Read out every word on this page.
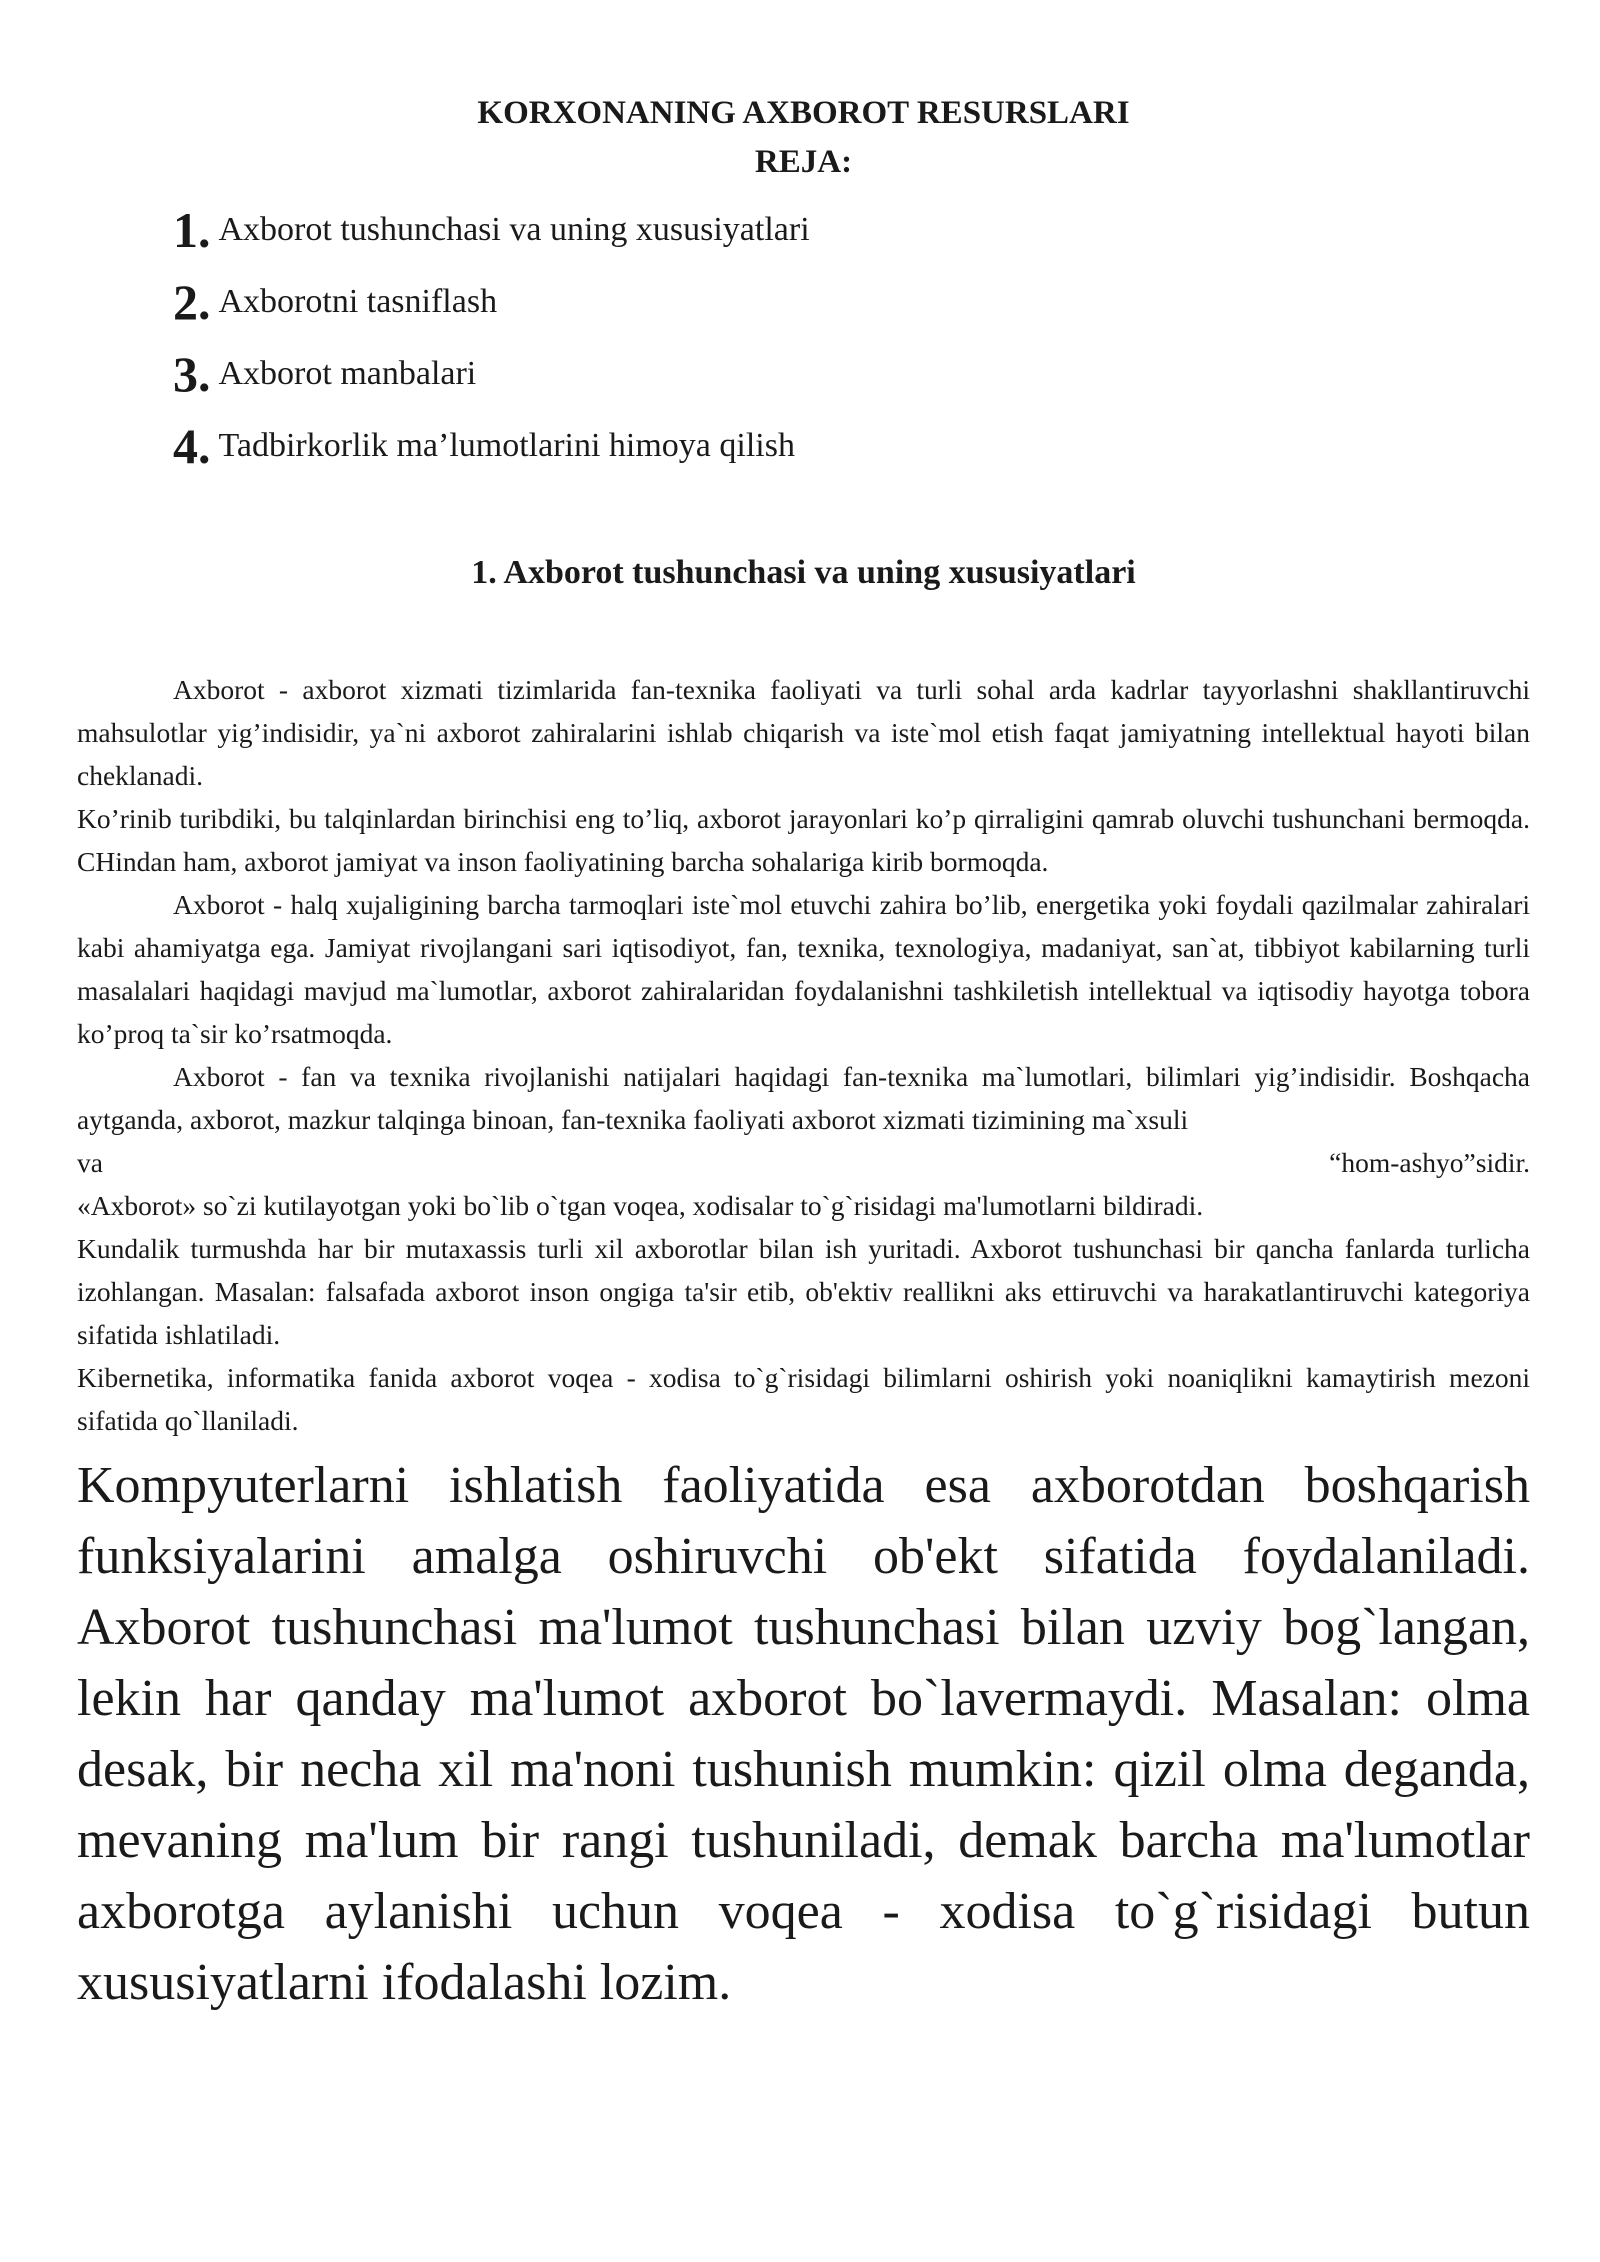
KORXONANING AXBOROT RESURSLARI
REJA:
1. Axborot tushunchasi va uning xususiyatlari
2. Axborotni tasniflash
3. Axborot manbalari
4. Tadbirkorlik ma’lumotlarini himoya qilish
1. Axborot tushunchasi va uning xususiyatlari

Axborot - axborot xizmati tizimlarida fan-texnika faoliyati va turli sohal arda kadrlar tayyorlashni shakllantiruvchi mahsulotlar yig’indisidir, ya`ni axborot zahiralarini ishlab chiqarish va iste`mol etish faqat jamiyatning intellektual hayoti bilan cheklanadi.

Ko’rinib turibdiki, bu talqinlardan birinchisi eng to’liq, axborot jarayonlari ko’p qirraligini qamrab oluvchi tushunchani bermoqda. CHindan ham, axborot jamiyat va inson faoliyatining barcha sohalariga kirib bormoqda.

Axborot - halq xujaligining barcha tarmoqlari iste`mol etuvchi zahira bo’lib, energetika yoki foydali qazilmalar zahiralari kabi ahamiyatga ega. Jamiyat rivojlangani sari iqtisodiyot, fan, texnika, texnologiya, madaniyat, san`at, tibbiyot kabilarning turli masalalari haqidagi mavjud ma`lumotlar, axborot zahiralaridan foydalanishni tashkiletish intellektual va iqtisodiy hayotga tobora ko’proq ta`sir ko’rsatmoqda.

Axborot - fan va texnika rivojlanishi natijalari haqidagi fan-texnika ma`lumotlari, bilimlari yig’indisidir. Boshqacha aytganda, axborot, mazkur talqinga binoan, fan-texnika faoliyati axborot xizmati tizimining ma`xsuli

va	“hom-ashyo”sidir.

«Axborot» so`zi kutilayotgan yoki bo`lib o`tgan voqea, xodisalar to`g`risidagi ma'lumotlarni bildiradi.

Kundalik turmushda har bir mutaxassis turli xil axborotlar bilan ish yuritadi. Axborot tushunchasi bir qancha fanlarda turlicha izohlangan. Masalan: falsafada axborot inson ongiga ta'sir etib, ob'ektiv reallikni aks ettiruvchi va harakatlantiruvchi kategoriya sifatida ishlatiladi.

Kibernetika, informatika fanida axborot voqea - xodisa to`g`risidagi bilimlarni oshirish yoki noaniqlikni kamaytirish mezoni sifatida qo`llaniladi.

Kompyuterlarni ishlatish faoliyatida esa axborotdan boshqarish funksiyalarini amalga oshiruvchi ob'ekt sifatida foydalaniladi. Axborot tushunchasi ma'lumot tushunchasi bilan uzviy bog`langan, lekin har qanday ma'lumot axborot bo`lavermaydi. Masalan: olma desak, bir necha xil ma'noni tushunish mumkin: qizil olma deganda, mevaning ma'lum bir rangi tushuniladi, demak barcha ma'lumotlar axborotga aylanishi uchun voqea - xodisa to`g`risidagi butun xususiyatlarni ifodalashi lozim.
